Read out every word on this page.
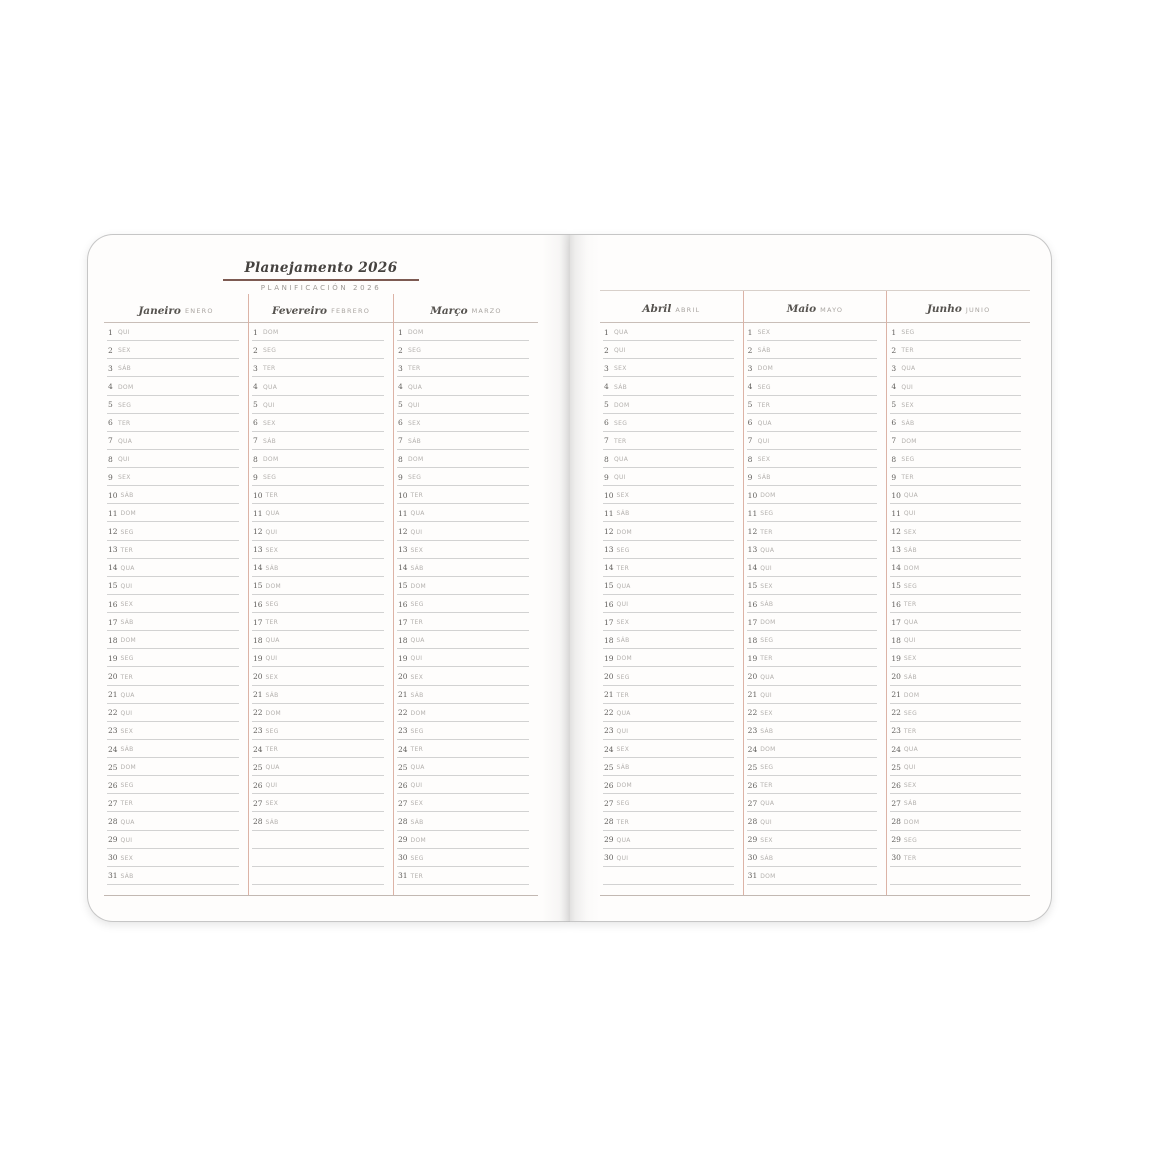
Planejamento 2026
PLANIFICACIÓN 2026
Janeiro ENERO
1 QUI
2 SEX
3 SÁB
4 DOM
5 SEG
6 TER
7 QUA
8 QUI
9 SEX
10 SÁB
11 DOM
12 SEG
13 TER
14 QUA
15 QUI
16 SEX
17 SÁB
18 DOM
19 SEG
20 TER
21 QUA
22 QUI
23 SEX
24 SÁB
25 DOM
26 SEG
27 TER
28 QUA
29 QUI
30 SEX
31 SÁB
Fevereiro FEBRERO
1 DOM
2 SEG
3 TER
4 QUA
5 QUI
6 SEX
7 SÁB
8 DOM
9 SEG
10 TER
11 QUA
12 QUI
13 SEX
14 SÁB
15 DOM
16 SEG
17 TER
18 QUA
19 QUI
20 SEX
21 SÁB
22 DOM
23 SEG
24 TER
25 QUA
26 QUI
27 SEX
28 SÁB
Março MARZO
1 DOM
2 SEG
3 TER
4 QUA
5 QUI
6 SEX
7 SÁB
8 DOM
9 SEG
10 TER
11 QUA
12 QUI
13 SEX
14 SÁB
15 DOM
16 SEG
17 TER
18 QUA
19 QUI
20 SEX
21 SÁB
22 DOM
23 SEG
24 TER
25 QUA
26 QUI
27 SEX
28 SÁB
29 DOM
30 SEG
31 TER
Abril ABRIL
1 QUA
2 QUI
3 SEX
4 SÁB
5 DOM
6 SEG
7 TER
8 QUA
9 QUI
10 SEX
11 SÁB
12 DOM
13 SEG
14 TER
15 QUA
16 QUI
17 SEX
18 SÁB
19 DOM
20 SEG
21 TER
22 QUA
23 QUI
24 SEX
25 SÁB
26 DOM
27 SEG
28 TER
29 QUA
30 QUI
Maio MAYO
1 SEX
2 SÁB
3 DOM
4 SEG
5 TER
6 QUA
7 QUI
8 SEX
9 SÁB
10 DOM
11 SEG
12 TER
13 QUA
14 QUI
15 SEX
16 SÁB
17 DOM
18 SEG
19 TER
20 QUA
21 QUI
22 SEX
23 SÁB
24 DOM
25 SEG
26 TER
27 QUA
28 QUI
29 SEX
30 SÁB
31 DOM
Junho JUNIO
1 SEG
2 TER
3 QUA
4 QUI
5 SEX
6 SÁB
7 DOM
8 SEG
9 TER
10 QUA
11 QUI
12 SEX
13 SÁB
14 DOM
15 SEG
16 TER
17 QUA
18 QUI
19 SEX
20 SÁB
21 DOM
22 SEG
23 TER
24 QUA
25 QUI
26 SEX
27 SÁB
28 DOM
29 SEG
30 TER
